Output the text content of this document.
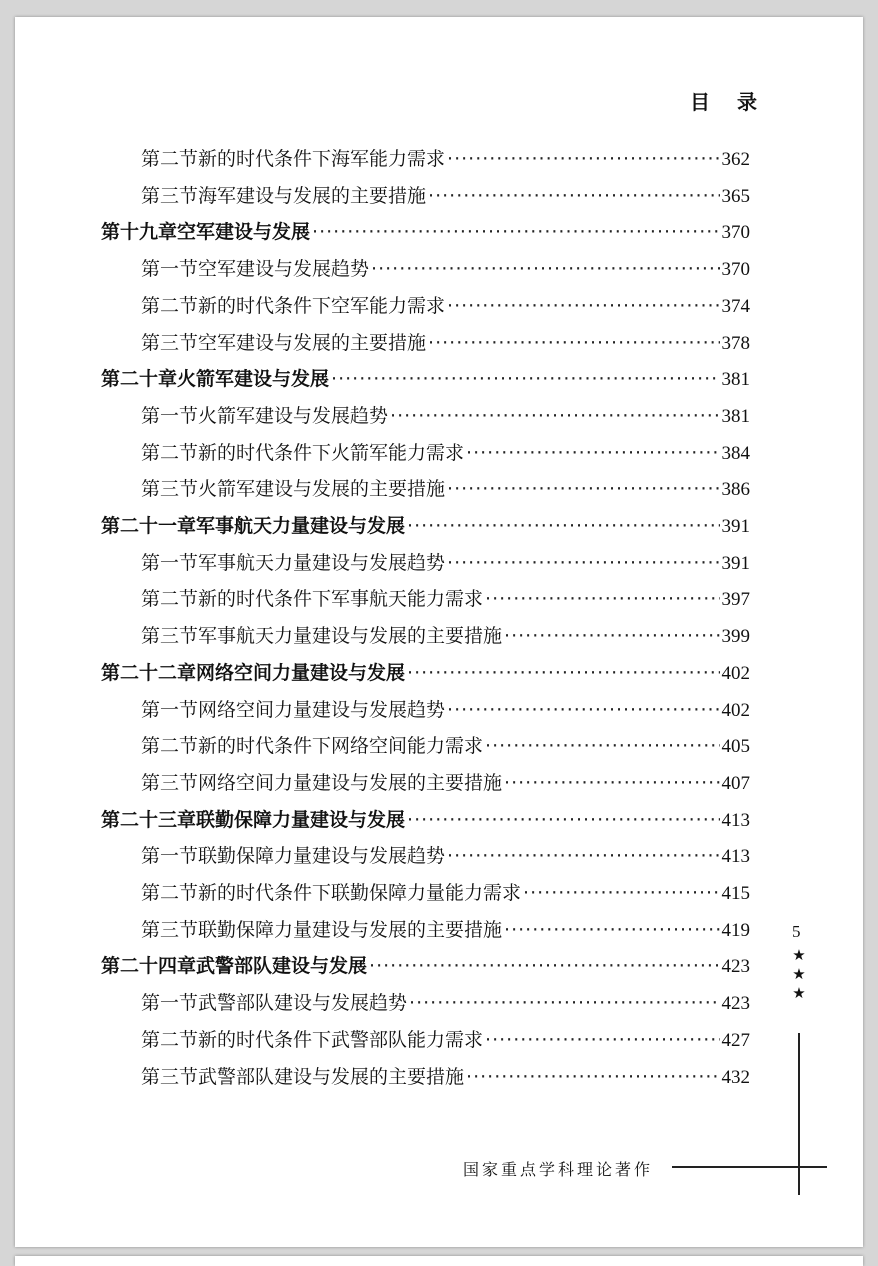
目 录
第二节 新的时代条件下海军能力需求 ·····	362
第三节 海军建设与发展的主要措施 ·····	365
第十九章 空军建设与发展 ·····	370
第一节 空军建设与发展趋势 ·····	370
第二节 新的时代条件下空军能力需求 ·····	374
第三节 空军建设与发展的主要措施 ·····	378
第二十章 火箭军建设与发展 ·····	381
第一节 火箭军建设与发展趋势 ·····	381
第二节 新的时代条件下火箭军能力需求 ·····	384
第三节 火箭军建设与发展的主要措施 ·····	386
第二十一章 军事航天力量建设与发展 ·····	391
第一节 军事航天力量建设与发展趋势 ·····	391
第二节 新的时代条件下军事航天能力需求 ·····	397
第三节 军事航天力量建设与发展的主要措施 ·····	399
第二十二章 网络空间力量建设与发展 ·····	402
第一节 网络空间力量建设与发展趋势 ·····	402
第二节 新的时代条件下网络空间能力需求 ·····	405
第三节 网络空间力量建设与发展的主要措施 ·····	407
第二十三章 联勤保障力量建设与发展 ·····	413
第一节 联勤保障力量建设与发展趋势 ·····	413
第二节 新的时代条件下联勤保障力量能力需求 ·····	415
第三节 联勤保障力量建设与发展的主要措施 ·····	419
第二十四章 武警部队建设与发展 ·····	423
第一节 武警部队建设与发展趋势 ·····	423
第二节 新的时代条件下武警部队能力需求 ·····	427
第三节 武警部队建设与发展的主要措施 ·····	432
5
★
★
★
国家重点学科理论著作
